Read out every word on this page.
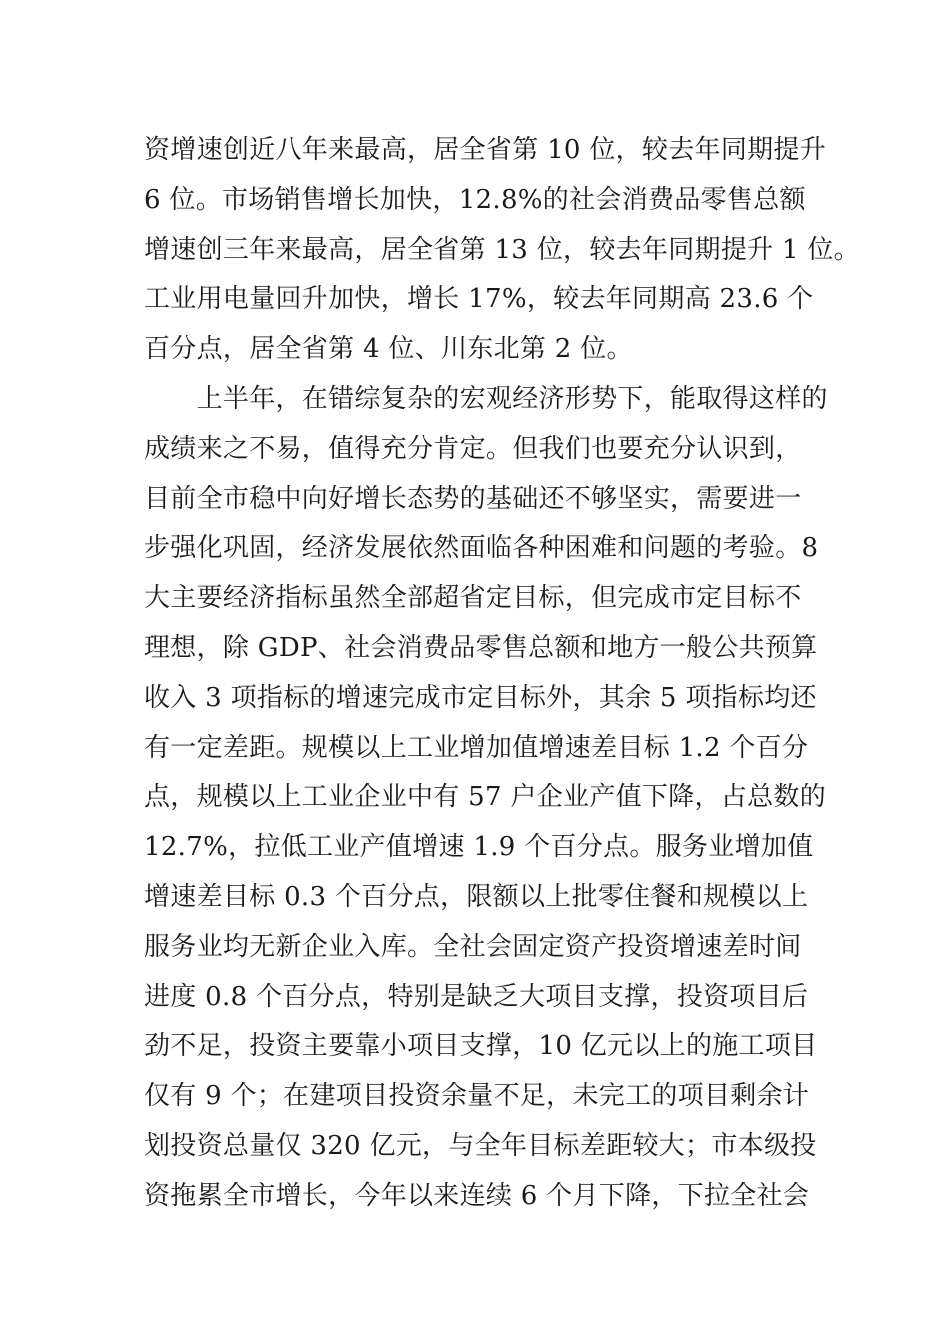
资增速创近八年来最高，居全省第 10 位，较去年同期提升
6 位。市场销售增长加快，12.8%的社会消费品零售总额
增速创三年来最高，居全省第 13 位，较去年同期提升 1 位。
工业用电量回升加快，增长 17%，较去年同期高 23.6 个
百分点，居全省第 4 位、川东北第 2 位。
　　上半年，在错综复杂的宏观经济形势下，能取得这样的
成绩来之不易，值得充分肯定。但我们也要充分认识到，
目前全市稳中向好增长态势的基础还不够坚实，需要进一
步强化巩固，经济发展依然面临各种困难和问题的考验。8
大主要经济指标虽然全部超省定目标，但完成市定目标不
理想，除 GDP、社会消费品零售总额和地方一般公共预算
收入 3 项指标的增速完成市定目标外，其余 5 项指标均还
有一定差距。规模以上工业增加值增速差目标 1.2 个百分
点，规模以上工业企业中有 57 户企业产值下降，占总数的
12.7%，拉低工业产值增速 1.9 个百分点。服务业增加值
增速差目标 0.3 个百分点，限额以上批零住餐和规模以上
服务业均无新企业入库。全社会固定资产投资增速差时间
进度 0.8 个百分点，特别是缺乏大项目支撑，投资项目后
劲不足，投资主要靠小项目支撑，10 亿元以上的施工项目
仅有 9 个；在建项目投资余量不足，未完工的项目剩余计
划投资总量仅 320 亿元，与全年目标差距较大；市本级投
资拖累全市增长，今年以来连续 6 个月下降，下拉全社会
